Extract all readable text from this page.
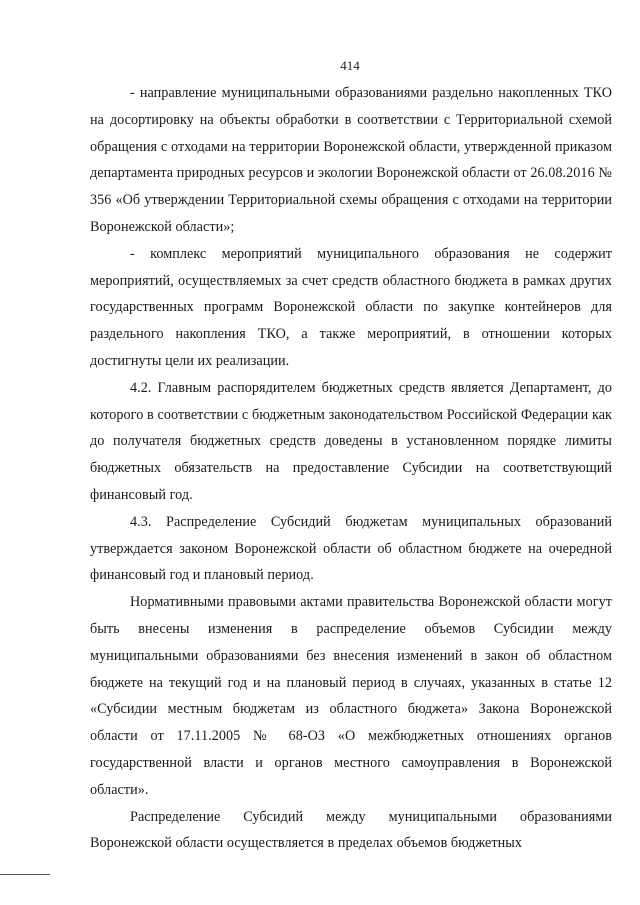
414

- направление муниципальными образованиями раздельно накопленных ТКО на досортировку на объекты обработки в соответствии с Территориальной схемой обращения с отходами на территории Воронежской области, утвержденной приказом департамента природных ресурсов и экологии Воронежской области от 26.08.2016 № 356 «Об утверждении Территориальной схемы обращения с отходами на территории Воронежской области»;

- комплекс мероприятий муниципального образования не содержит мероприятий, осуществляемых за счет средств областного бюджета в рамках других государственных программ Воронежской области по закупке контейнеров для раздельного накопления ТКО, а также мероприятий, в отношении которых достигнуты цели их реализации.

4.2. Главным распорядителем бюджетных средств является Департамент, до которого в соответствии с бюджетным законодательством Российской Федерации как до получателя бюджетных средств доведены в установленном порядке лимиты бюджетных обязательств на предоставление Субсидии на соответствующий финансовый год.

4.3. Распределение Субсидий бюджетам муниципальных образований утверждается законом Воронежской области об областном бюджете на очередной финансовый год и плановый период.

Нормативными правовыми актами правительства Воронежской области могут быть внесены изменения в распределение объемов Субсидии между муниципальными образованиями без внесения изменений в закон об областном бюджете на текущий год и на плановый период в случаях, указанных в статье 12 «Субсидии местным бюджетам из областного бюджета» Закона Воронежской области от 17.11.2005 № 68-ОЗ «О межбюджетных отношениях органов государственной власти и органов местного самоуправления в Воронежской области».

Распределение Субсидий между муниципальными образованиями Воронежской области осуществляется в пределах объемов бюджетных
